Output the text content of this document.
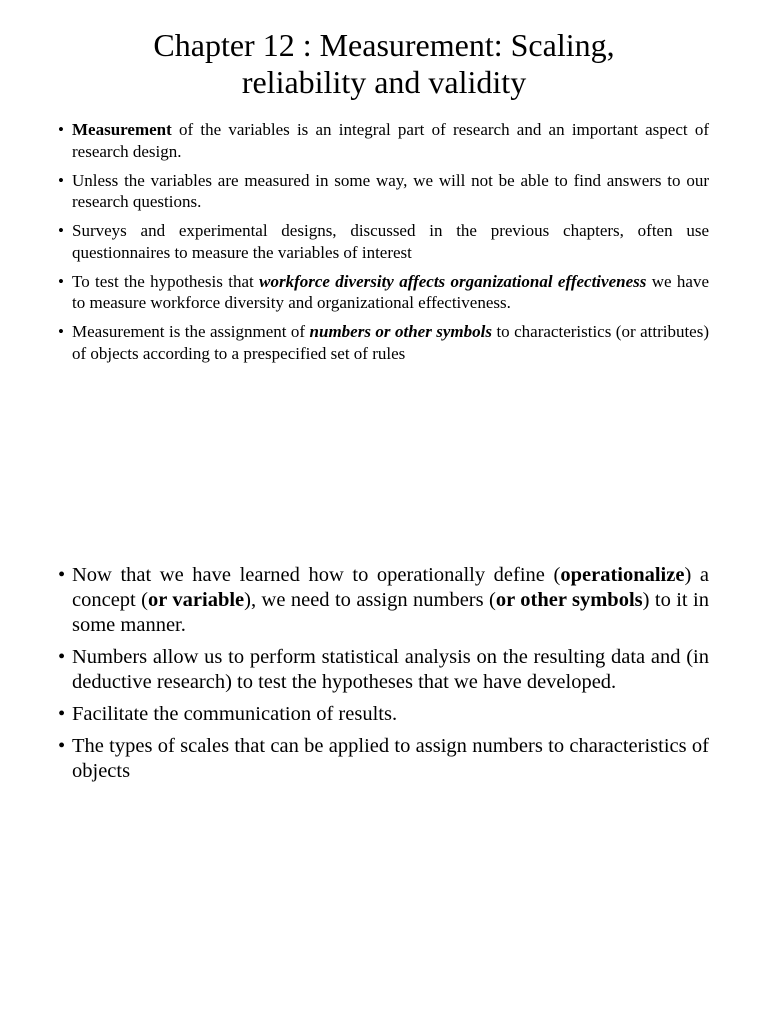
Chapter 12 : Measurement: Scaling,
reliability and validity
• Measurement of the variables is an integral part of research and an important aspect of research design.
• Unless the variables are measured in some way, we will not be able to find answers to our research questions.
• Surveys and experimental designs, discussed in the previous chapters, often use questionnaires to measure the variables of interest
• To test the hypothesis that workforce diversity affects organizational effectiveness we have to measure workforce diversity and organizational effectiveness.
• Measurement is the assignment of numbers or other symbols to characteristics (or attributes) of objects according to a prespecified set of rules
• Now that we have learned how to operationally define (operationalize) a concept (or variable), we need to assign numbers (or other symbols) to it in some manner.
• Numbers allow us to perform statistical analysis on the resulting data and (in deductive research) to test the hypotheses that we have developed.
• Facilitate the communication of results.
• The types of scales that can be applied to assign numbers to characteristics of objects
